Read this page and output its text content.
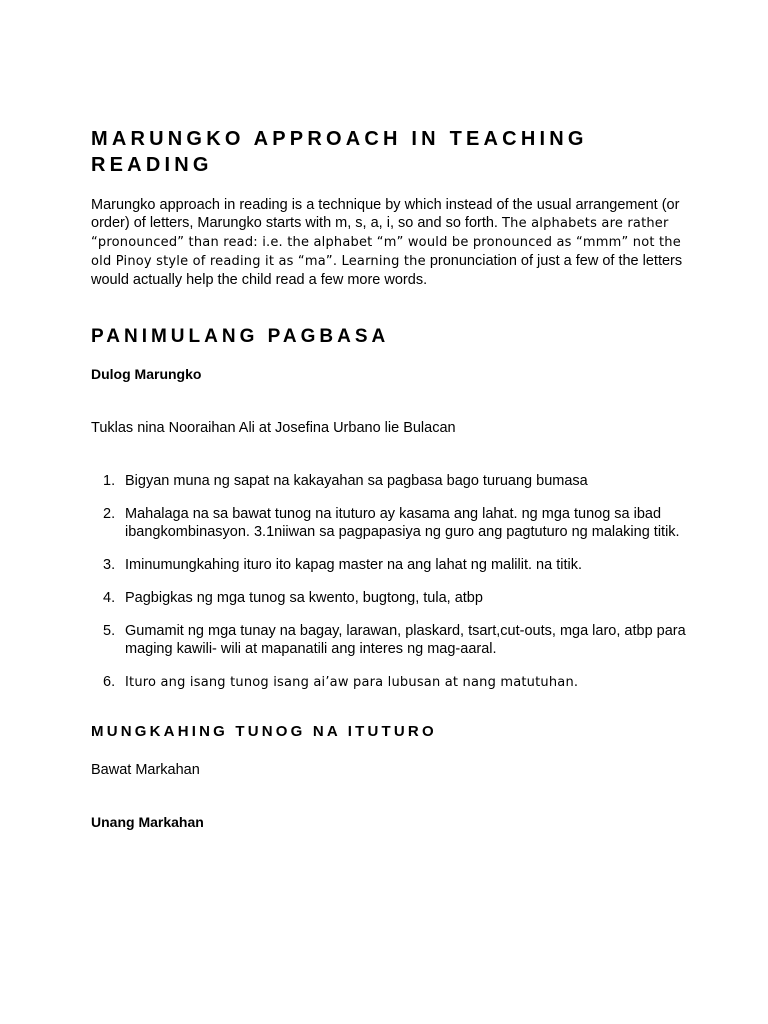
MARUNGKO APPROACH IN TEACHING
READING

Marungko approach in reading is a technique by which instead of the usual arrangement (or order) of letters, Marungko starts with m, s, a, i, so and so forth. The alphabets are rather “pronounced” than read: i.e. the alphabet “m” would be pronounced as “mmm” not the old Pinoy style of reading it as “ma”. Learning the pronunciation of just a few of the letters would actually help the child read a few more words.

PANIMULANG PAGBASA

Dulog Marungko

Tuklas nina Nooraihan Ali at Josefina Urbano lie Bulacan

1. Bigyan muna ng sapat na kakayahan sa pagbasa bago turuang bumasa
2. Mahalaga na sa bawat tunog na ituturo ay kasama ang lahat. ng mga tunog sa ibad ibangkombinasyon. 3.1niiwan sa pagpapasiya ng guro ang pagtuturo ng malaking titik.
3. Iminumungkahing ituro ito kapag master na ang lahat ng malilit. na titik.
4. Pagbigkas ng mga tunog sa kwento, bugtong, tula, atbp
5. Gumamit ng mga tunay na bagay, larawan, plaskard, tsart,cut-outs, mga laro, atbp para maging kawili- wili at mapanatili ang interes ng mag-aaral.
6. Ituro ang isang tunog isang ai’aw para lubusan at nang matutuhan.
MUNGKAHING TUNOG NA ITUTURO

Bawat Markahan

Unang Markahan
